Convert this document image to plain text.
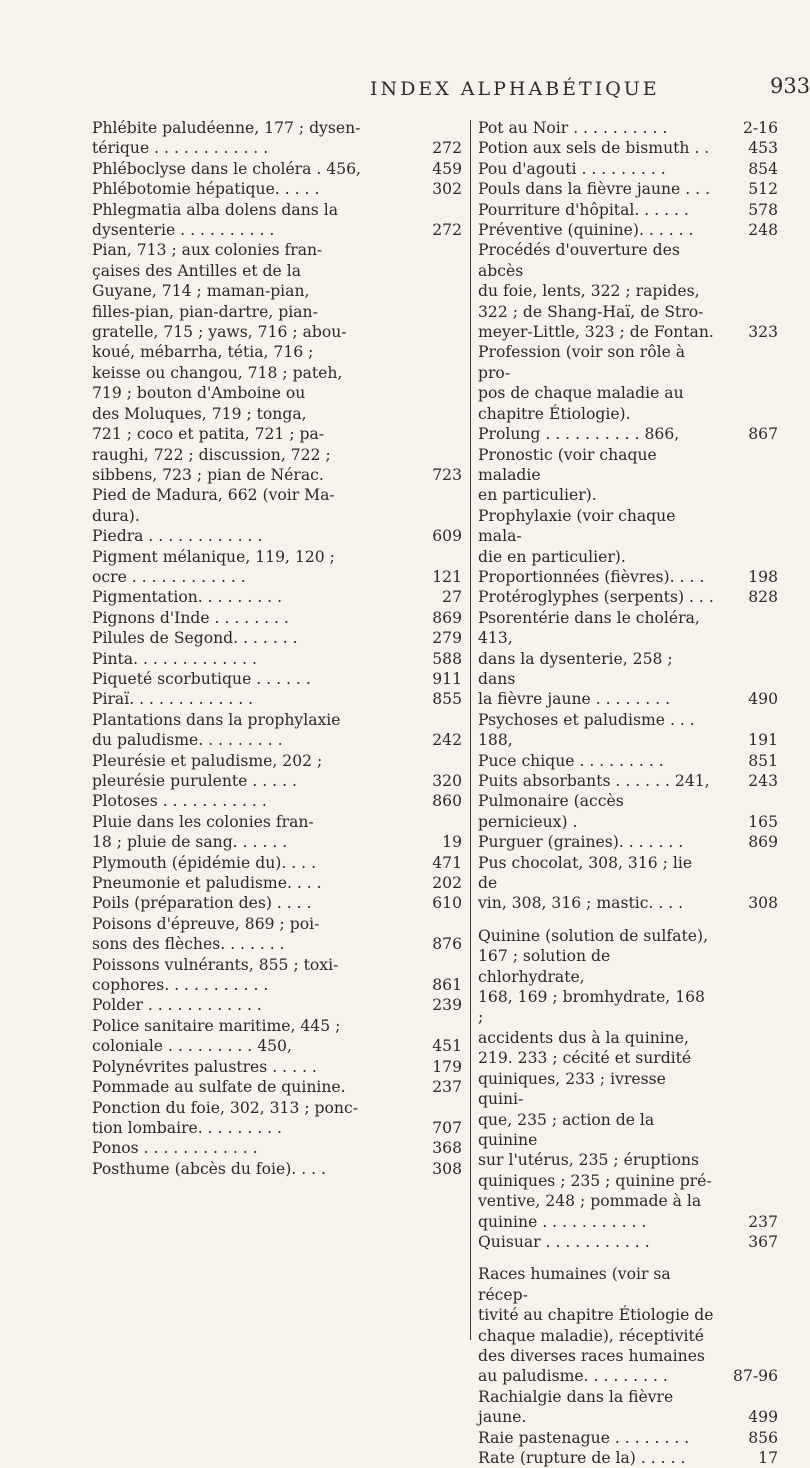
INDEX ALPHABÉTIQUE	933
Phlébite paludéenne, 177 ; dysen-
térique . . . . . . . . . . . .	272
Phléboclyse dans le choléra . 456,	459
Phlébotomie hépatique. . . . .	302
Phlegmatia alba dolens dans la
dysenterie . . . . . . . . . .	272
Pian, 713 ; aux colonies fran-
çaises des Antilles et de la
Guyane, 714 ; maman-pian,
filles-pian, pian-dartre, pian-
gratelle, 715 ; yaws, 716 ; abou-
koué, mébarrha, tétia, 716 ;
keisse ou changou, 718 ; pateh,
719 ; bouton d'Amboine ou
des Moluques, 719 ; tonga,
721 ; coco et patita, 721 ; pa-
raughi, 722 ; discussion, 722 ;
sibbens, 723 ; pian de Nérac.	723
Pied de Madura, 662 (voir Ma-
dura).
Piedra . . . . . . . . . . . .	609
Pigment mélanique, 119, 120 ;
ocre . . . . . . . . . . . .	121
Pigmentation. . . . . . . . .	27
Pignons d'Inde . . . . . . . .	869
Pilules de Segond. . . . . . .	279
Pinta. . . . . . . . . . . . .	588
Piqueté scorbutique . . . . . .	911
Piraï. . . . . . . . . . . . .	855
Plantations dans la prophylaxie
du paludisme. . . . . . . . .	242
Pleurésie et paludisme, 202 ;
pleurésie purulente . . . . .	320
Plotoses . . . . . . . . . . .	860
Pluie dans les colonies fran-
18 ; pluie de sang. . . . . .	19
Plymouth (épidémie du). . . .	471
Pneumonie et paludisme. . . .	202
Poils (préparation des) . . . .	610
Poisons d'épreuve, 869 ; poi-
sons des flèches. . . . . . .	876
Poissons vulnérants, 855 ; toxi-
cophores. . . . . . . . . . .	861
Polder . . . . . . . . . . . .	239
Police sanitaire maritime, 445 ;
coloniale . . . . . . . . . 450,	451
Polynévrites palustres . . . . .	179
Pommade au sulfate de quinine.	237
Ponction du foie, 302, 313 ; ponc-
tion lombaire. . . . . . . . .	707
Ponos . . . . . . . . . . . .	368
Posthume (abcès du foie). . . .	308
Pot au Noir . . . . . . . . . .	2-16
Potion aux sels de bismuth . .	453
Pou d'agouti . . . . . . . . .	854
Pouls dans la fièvre jaune . . .	512
Pourriture d'hôpital. . . . . .	578
Préventive (quinine). . . . . .	248
Procédés d'ouverture des abcès
du foie, lents, 322 ; rapides,
322 ; de Shang-Haï, de Stro-
meyer-Little, 323 ; de Fontan.	323
Profession (voir son rôle à pro-
pos de chaque maladie au
chapitre Étiologie).
Prolung . . . . . . . . . . 866,	867
Pronostic (voir chaque maladie
en particulier).
Prophylaxie (voir chaque mala-
die en particulier).
Proportionnées (fièvres). . . .	198
Protéroglyphes (serpents) . . .	828
Psorentérie dans le choléra, 413,
dans la dysenterie, 258 ; dans
la fièvre jaune . . . . . . . .	490
Psychoses et paludisme . . . 188,	191
Puce chique . . . . . . . . .	851
Puits absorbants . . . . . . 241,	243
Pulmonaire (accès pernicieux) .	165
Purguer (graines). . . . . . .	869
Pus chocolat, 308, 316 ; lie de
vin, 308, 316 ; mastic. . . .	308
Quinine (solution de sulfate),
167 ; solution de chlorhydrate,
168, 169 ; bromhydrate, 168 ;
accidents dus à la quinine,
219. 233 ; cécité et surdité
quiniques, 233 ; ivresse quini-
que, 235 ; action de la quinine
sur l'utérus, 235 ; éruptions
quiniques ; 235 ; quinine pré-
ventive, 248 ; pommade à la
quinine . . . . . . . . . . .	237
Quisuar . . . . . . . . . . .	367
Races humaines (voir sa récep-
tivité au chapitre Étiologie de
chaque maladie), réceptivité
des diverses races humaines
au paludisme. . . . . . . . .	87-96
Rachialgie dans la fièvre jaune.	499
Raie pastenague . . . . . . . .	856
Rate (rupture de la) . . . . .	17
